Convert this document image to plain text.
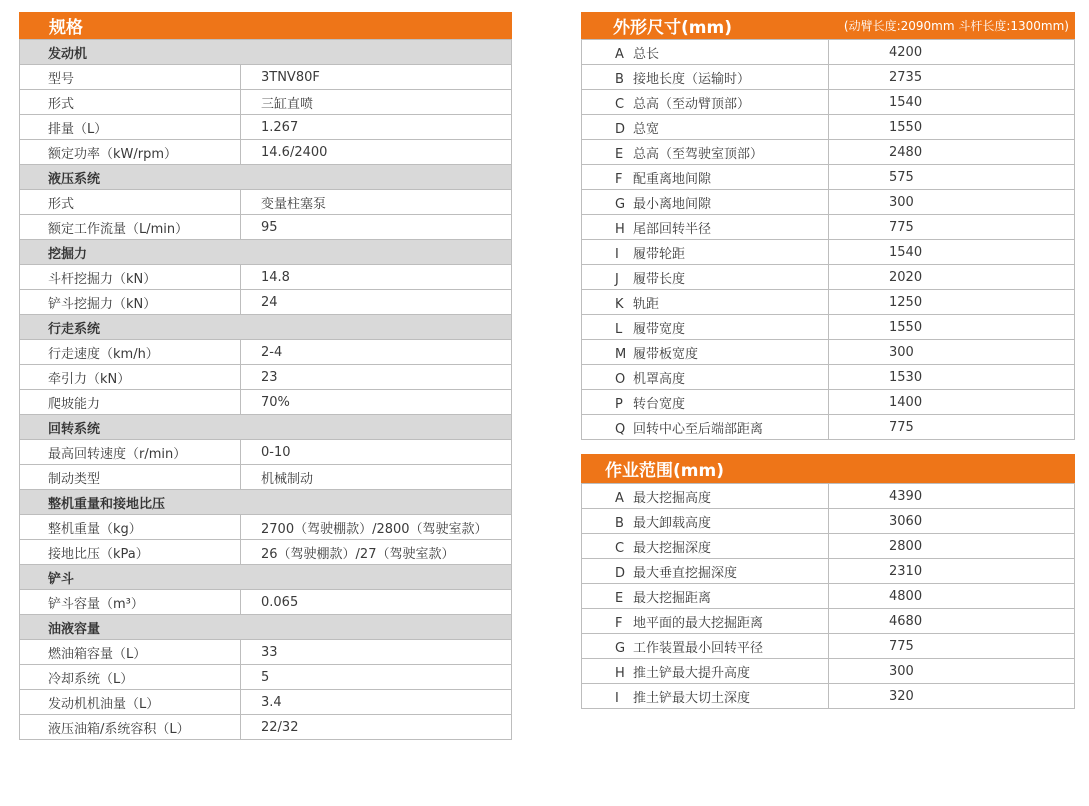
规格
发动机	
型号	3TNV80F
形式	三缸直喷
排量（L）	1.267
额定功率（kW/rpm）	14.6/2400
液压系统	
形式	变量柱塞泵
额定工作流量（L/min）	95
挖掘力	
斗杆挖掘力（kN）	14.8
铲斗挖掘力（kN）	24
行走系统	
行走速度（km/h）	2-4
牵引力（kN）	23
爬坡能力	70%
回转系统	
最高回转速度（r/min）	0-10
制动类型	机械制动
整机重量和接地比压	
整机重量（kg）	2700（驾驶棚款）/2800（驾驶室款）
接地比压（kPa）	26（驾驶棚款）/27（驾驶室款）
铲斗	
铲斗容量（m³）	0.065
油液容量	
燃油箱容量（L）	33
冷却系统（L）	5
发动机机油量（L）	3.4
液压油箱/系统容积（L）	22/32
外形尺寸(mm)	(动臂长度:2090mm 斗杆长度:1300mm)
A 总长	4200
B 接地长度（运输时）	2735
C 总高（至动臂顶部）	1540
D 总宽	1550
E 总高（至驾驶室顶部）	2480
F 配重离地间隙	575
G 最小离地间隙	300
H 尾部回转半径	775
I 履带轮距	1540
J 履带长度	2020
K 轨距	1250
L 履带宽度	1550
M 履带板宽度	300
O 机罩高度	1530
P 转台宽度	1400
Q 回转中心至后端部距离	775
作业范围(mm)
A 最大挖掘高度	4390
B 最大卸载高度	3060
C 最大挖掘深度	2800
D 最大垂直挖掘深度	2310
E 最大挖掘距离	4800
F 地平面的最大挖掘距离	4680
G 工作装置最小回转平径	775
H 推土铲最大提升高度	300
I 推土铲最大切土深度	320
